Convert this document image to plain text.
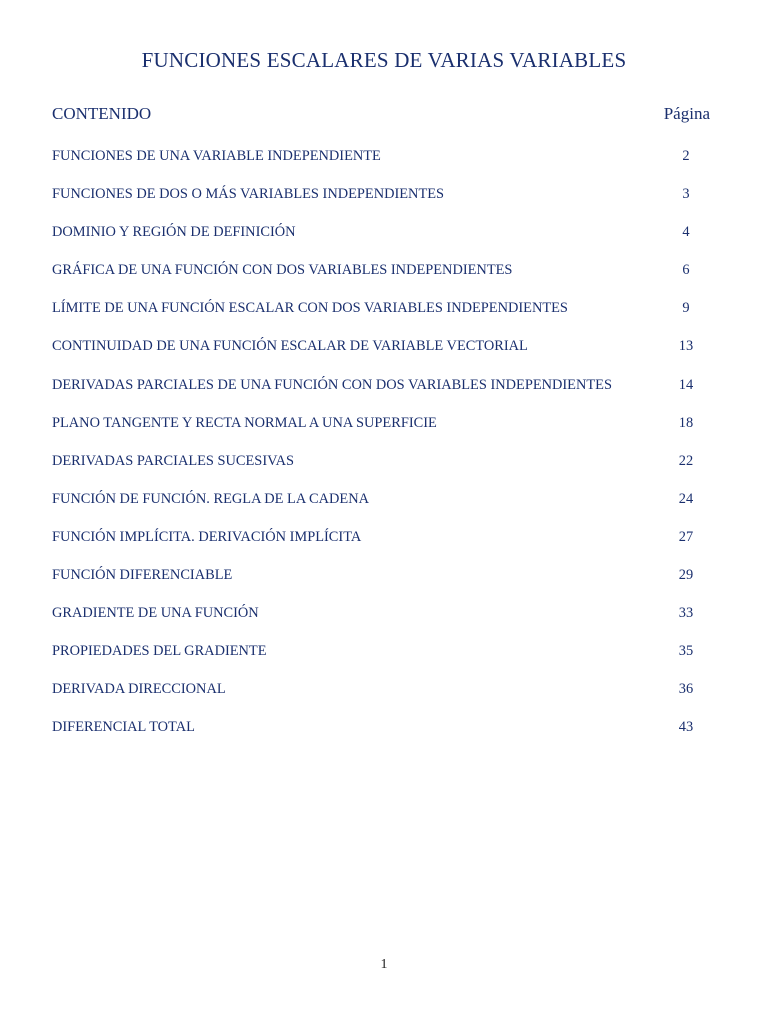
FUNCIONES ESCALARES DE VARIAS VARIABLES
CONTENIDO	Página
FUNCIONES DE UNA VARIABLE INDEPENDIENTE	2
FUNCIONES DE DOS O MÁS VARIABLES INDEPENDIENTES	3
DOMINIO Y REGIÓN DE DEFINICIÓN	4
GRÁFICA DE UNA FUNCIÓN CON DOS VARIABLES INDEPENDIENTES	6
LÍMITE DE UNA FUNCIÓN ESCALAR CON DOS VARIABLES INDEPENDIENTES	9
CONTINUIDAD DE UNA FUNCIÓN ESCALAR DE VARIABLE VECTORIAL	13
DERIVADAS PARCIALES DE UNA FUNCIÓN CON DOS VARIABLES INDEPENDIENTES	14
PLANO TANGENTE Y RECTA NORMAL A UNA SUPERFICIE	18
DERIVADAS PARCIALES SUCESIVAS	22
FUNCIÓN DE FUNCIÓN. REGLA DE LA CADENA	24
FUNCIÓN IMPLÍCITA. DERIVACIÓN IMPLÍCITA	27
FUNCIÓN DIFERENCIABLE	29
GRADIENTE DE UNA FUNCIÓN	33
PROPIEDADES DEL GRADIENTE	35
DERIVADA DIRECCIONAL	36
DIFERENCIAL TOTAL	43
1
